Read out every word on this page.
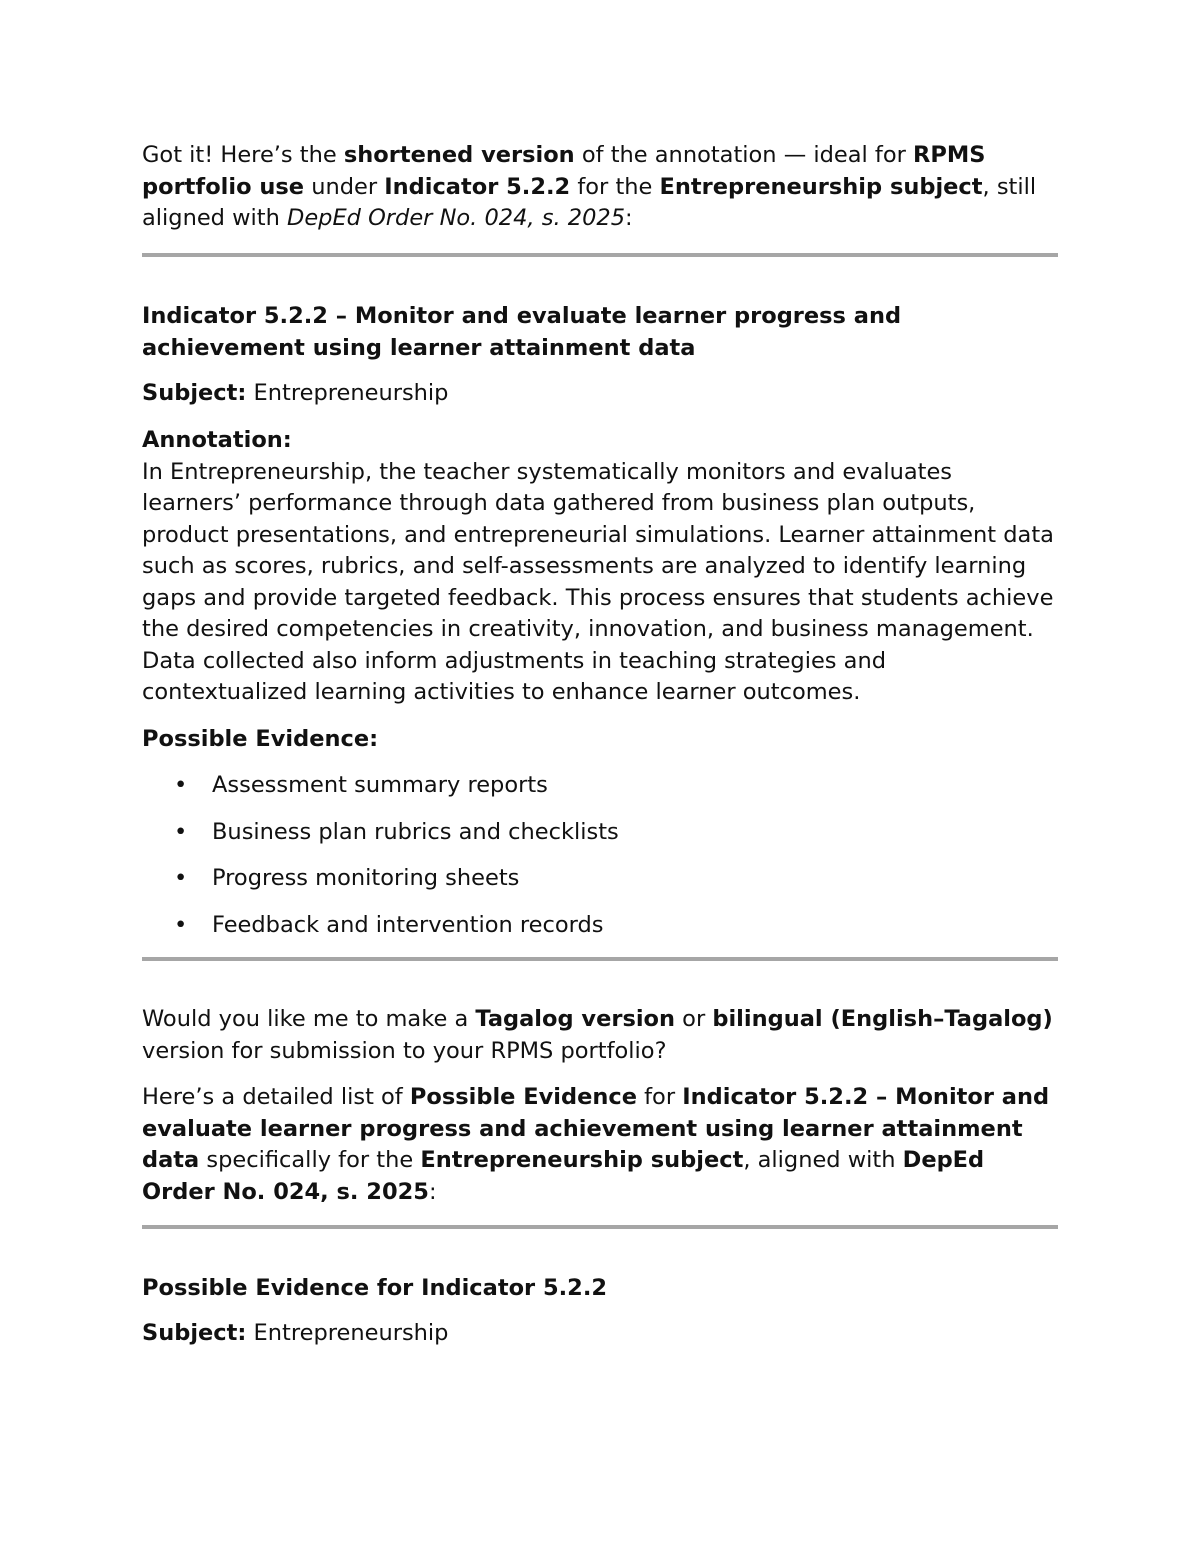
Got it! Here’s the shortened version of the annotation — ideal for RPMS portfolio use under Indicator 5.2.2 for the Entrepreneurship subject, still aligned with DepEd Order No. 024, s. 2025:

Indicator 5.2.2 – Monitor and evaluate learner progress and achievement using learner attainment data

Subject: Entrepreneurship

Annotation:

In Entrepreneurship, the teacher systematically monitors and evaluates learners’ performance through data gathered from business plan outputs, product presentations, and entrepreneurial simulations. Learner attainment data such as scores, rubrics, and self-assessments are analyzed to identify learning gaps and provide targeted feedback. This process ensures that students achieve the desired competencies in creativity, innovation, and business management. Data collected also inform adjustments in teaching strategies and contextualized learning activities to enhance learner outcomes.

Possible Evidence:

• Assessment summary reports
• Business plan rubrics and checklists
• Progress monitoring sheets
• Feedback and intervention records

Would you like me to make a Tagalog version or bilingual (English–Tagalog) version for submission to your RPMS portfolio?

Here’s a detailed list of Possible Evidence for Indicator 5.2.2 – Monitor and evaluate learner progress and achievement using learner attainment data specifically for the Entrepreneurship subject, aligned with DepEd Order No. 024, s. 2025:

Possible Evidence for Indicator 5.2.2

Subject: Entrepreneurship
